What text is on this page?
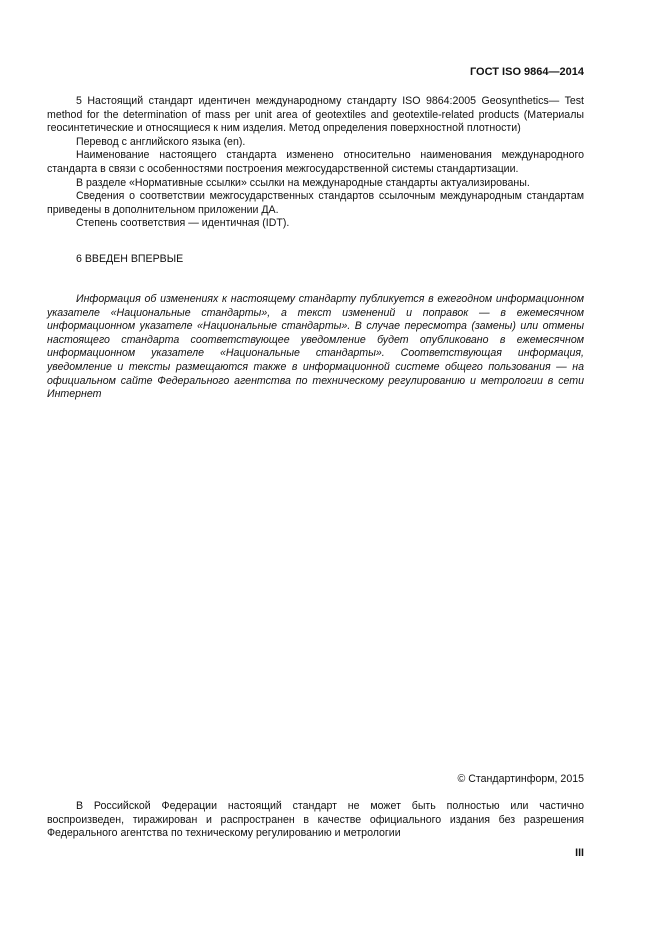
ГОСТ ISO 9864—2014

5 Настоящий стандарт идентичен международному стандарту ISO 9864:2005 Geosynthetics— Test method for the determination of mass per unit area of geotextiles and geotextile-related products (Материалы геосинтетические и относящиеся к ним изделия. Метод определения поверхностной плотности)

Перевод с английского языка (en).

Наименование настоящего стандарта изменено относительно наименования международного стандарта в связи с особенностями построения межгосударственной системы стандартизации.

В разделе «Нормативные ссылки» ссылки на международные стандарты актуализированы.

Сведения о соответствии межгосударственных стандартов ссылочным международным стандартам приведены в дополнительном приложении ДА.

Степень соответствия — идентичная (IDT).

6 ВВЕДЕН ВПЕРВЫЕ

Информация об изменениях к настоящему стандарту публикуется в ежегодном информационном указателе «Национальные стандарты», а текст изменений и поправок — в ежемесячном информационном указателе «Национальные стандарты». В случае пересмотра (замены) или отмены настоящего стандарта соответствующее уведомление будет опубликовано в ежемесячном информационном указателе «Национальные стандарты». Соответствующая информация, уведомление и тексты размещаются также в информационной системе общего пользования — на официальном сайте Федерального агентства по техническому регулированию и метрологии в сети Интернет

© Стандартинформ, 2015

В Российской Федерации настоящий стандарт не может быть полностью или частично воспроизведен, тиражирован и распространен в качестве официального издания без разрешения Федерального агентства по техническому регулированию и метрологии

III
